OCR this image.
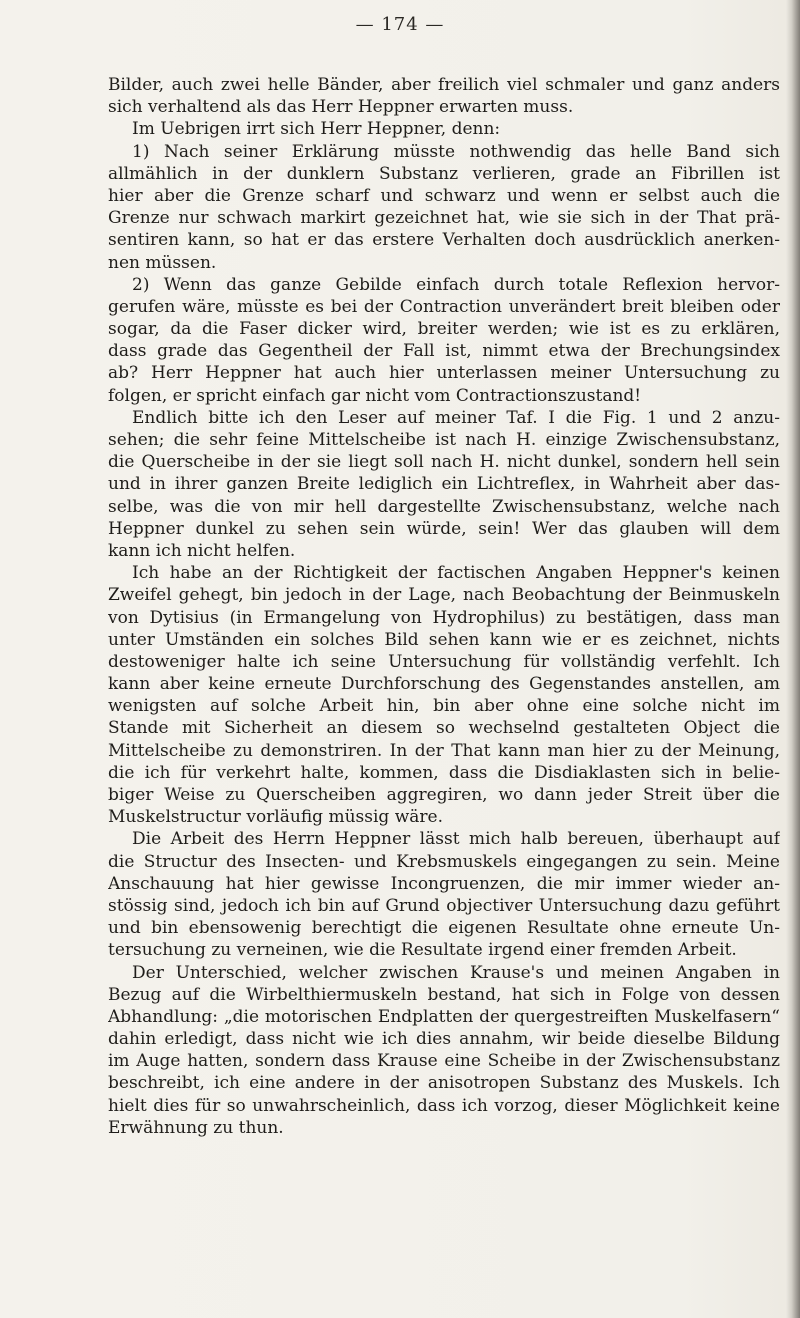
— 174 —
Bilder, auch zwei helle Bänder, aber freilich viel schmaler und ganz anders
sich verhaltend als das Herr Heppner erwarten muss.
Im Uebrigen irrt sich Herr Heppner, denn:
1) Nach seiner Erklärung müsste nothwendig das helle Band sich
allmählich in der dunklern Substanz verlieren, grade an Fibrillen ist
hier aber die Grenze scharf und schwarz und wenn er selbst auch die
Grenze nur schwach markirt gezeichnet hat, wie sie sich in der That prä-
sentiren kann, so hat er das erstere Verhalten doch ausdrücklich anerken-
nen müssen.
2) Wenn das ganze Gebilde einfach durch totale Reflexion hervor-
gerufen wäre, müsste es bei der Contraction unverändert breit bleiben oder
sogar, da die Faser dicker wird, breiter werden; wie ist es zu erklären,
dass grade das Gegentheil der Fall ist, nimmt etwa der Brechungsindex
ab? Herr Heppner hat auch hier unterlassen meiner Untersuchung zu
folgen, er spricht einfach gar nicht vom Contractionszustand!
Endlich bitte ich den Leser auf meiner Taf. I die Fig. 1 und 2 anzu-
sehen; die sehr feine Mittelscheibe ist nach H. einzige Zwischensubstanz,
die Querscheibe in der sie liegt soll nach H. nicht dunkel, sondern hell sein
und in ihrer ganzen Breite lediglich ein Lichtreflex, in Wahrheit aber das-
selbe, was die von mir hell dargestellte Zwischensubstanz, welche nach
Heppner dunkel zu sehen sein würde, sein! Wer das glauben will dem
kann ich nicht helfen.
Ich habe an der Richtigkeit der factischen Angaben Heppner's keinen
Zweifel gehegt, bin jedoch in der Lage, nach Beobachtung der Beinmuskeln
von Dytisius (in Ermangelung von Hydrophilus) zu bestätigen, dass man
unter Umständen ein solches Bild sehen kann wie er es zeichnet, nichts
destoweniger halte ich seine Untersuchung für vollständig verfehlt. Ich
kann aber keine erneute Durchforschung des Gegenstandes anstellen, am
wenigsten auf solche Arbeit hin, bin aber ohne eine solche nicht im
Stande mit Sicherheit an diesem so wechselnd gestalteten Object die
Mittelscheibe zu demonstriren. In der That kann man hier zu der Meinung,
die ich für verkehrt halte, kommen, dass die Disdiaklasten sich in belie-
biger Weise zu Querscheiben aggregiren, wo dann jeder Streit über die
Muskelstructur vorläufig müssig wäre.
Die Arbeit des Herrn Heppner lässt mich halb bereuen, überhaupt auf
die Structur des Insecten- und Krebsmuskels eingegangen zu sein. Meine
Anschauung hat hier gewisse Incongruenzen, die mir immer wieder an-
stössig sind, jedoch ich bin auf Grund objectiver Untersuchung dazu geführt
und bin ebensowenig berechtigt die eigenen Resultate ohne erneute Un-
tersuchung zu verneinen, wie die Resultate irgend einer fremden Arbeit.
Der Unterschied, welcher zwischen Krause's und meinen Angaben in
Bezug auf die Wirbelthiermuskeln bestand, hat sich in Folge von dessen
Abhandlung: „die motorischen Endplatten der quergestreiften Muskelfasern“
dahin erledigt, dass nicht wie ich dies annahm, wir beide dieselbe Bildung
im Auge hatten, sondern dass Krause eine Scheibe in der Zwischensubstanz
beschreibt, ich eine andere in der anisotropen Substanz des Muskels. Ich
hielt dies für so unwahrscheinlich, dass ich vorzog, dieser Möglichkeit keine
Erwähnung zu thun.
